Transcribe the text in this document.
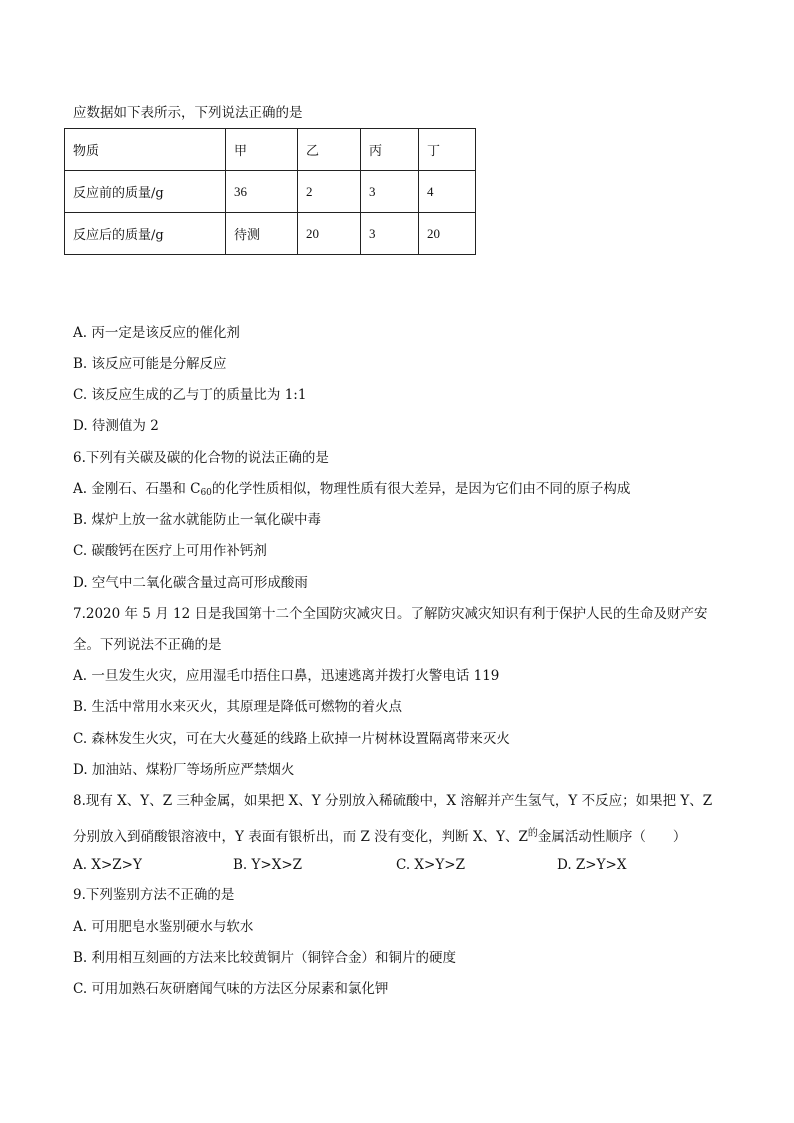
应数据如下表所示，下列说法正确的是
物质	甲	乙	丙	丁
反应前的质量/g	36	2	3	4
反应后的质量/g	待测	20	3	20
A. 丙一定是该反应的催化剂
B. 该反应可能是分解反应
C. 该反应生成的乙与丁的质量比为 1:1
D. 待测值为 2
6.下列有关碳及碳的化合物的说法正确的是
A. 金刚石、石墨和 $C_{60}$的化学性质相似，物理性质有很大差异，是因为它们由不同的原子构成
B. 煤炉上放一盆水就能防止一氧化碳中毒
C. 碳酸钙在医疗上可用作补钙剂
D. 空气中二氧化碳含量过高可形成酸雨
7.2020 年 5 月 12 日是我国第十二个全国防灾减灾日。了解防灾减灾知识有利于保护人民的生命及财产安
全。下列说法不正确的是
A. 一旦发生火灾，应用湿毛巾捂住口鼻，迅速逃离并拨打火警电话 119
B. 生活中常用水来灭火，其原理是降低可燃物的着火点
C. 森林发生火灾，可在大火蔓延的线路上砍掉一片树林设置隔离带来灭火
D. 加油站、煤粉厂等场所应严禁烟火
8.现有 X、Y、Z 三种金属，如果把 X、Y 分别放入稀硫酸中，X 溶解并产生氢气，Y 不反应；如果把 Y、Z
分别放入到硝酸银溶液中，Y 表面有银析出，而 Z 没有变化，判断 X、Y、$Z^的$金属活动性顺序（　　）
A. X>Z>Y	B. Y>X>Z	C. X>Y>Z	D. Z>Y>X
9.下列鉴别方法不正确的是
A. 可用肥皂水鉴别硬水与软水
B. 利用相互刻画的方法来比较黄铜片（铜锌合金）和铜片的硬度
C. 可用加熟石灰研磨闻气味的方法区分尿素和氯化钾
